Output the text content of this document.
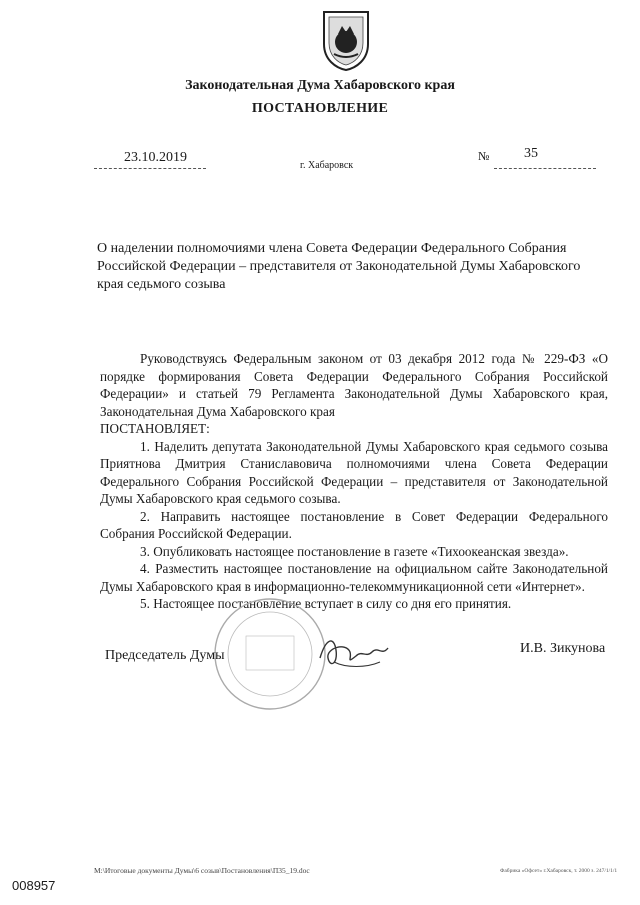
Законодательная Дума Хабаровского края
ПОСТАНОВЛЕНИЕ
23.10.2019
г. Хабаровск
№ 35
О наделении полномочиями члена Совета Федерации Федерального Собрания Российской Федерации – представителя от Законодательной Думы Хабаровского края седьмого созыва

Руководствуясь Федеральным законом от 03 декабря 2012 года № 229-ФЗ «О порядке формирования Совета Федерации Федерального Собрания Российской Федерации» и статьей 79 Регламента Законодательной Думы Хабаровского края, Законодательная Дума Хабаровского края

ПОСТАНОВЛЯЕТ:

1. Наделить депутата Законодательной Думы Хабаровского края седьмого созыва Приятнова Дмитрия Станиславовича полномочиями члена Совета Федерации Федерального Собрания Российской Федерации – представителя от Законодательной Думы Хабаровского края седьмого созыва.

2. Направить настоящее постановление в Совет Федерации Федерального Собрания Российской Федерации.

3. Опубликовать настоящее постановление в газете «Тихоокеанская звезда».

4. Разместить настоящее постановление на официальном сайте Законодательной Думы Хабаровского края в информационно-телекоммуникационной сети «Интернет».

5. Настоящее постановление вступает в силу со дня его принятия.

Председатель Думы	И.В. Зикунова
М:\Итоговые документы Думы\6 созыв\Постановления\П35_19.doc	Фабрика «Офсет» г.Хабаровск, т. 2000 з. 247/1/1/1
008957
